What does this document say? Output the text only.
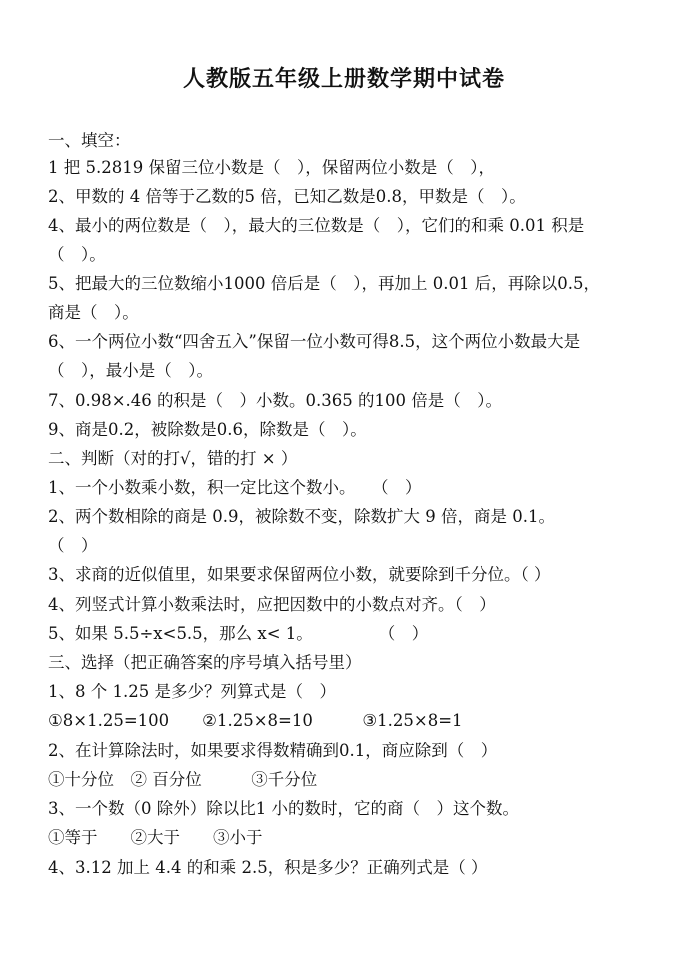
人教版五年级上册数学期中试卷
一、填空：
1 把 5.2819 保留三位小数是（　），保留两位小数是（　），
2、甲数的 4 倍等于乙数的5 倍，已知乙数是0.8，甲数是（　）。
4、最小的两位数是（　），最大的三位数是（　），它们的和乘 0.01 积是
（　）。
5、把最大的三位数缩小1000 倍后是（　），再加上 0.01 后，再除以0.5，
商是（　）。
6、一个两位小数“四舍五入”保留一位小数可得8.5，这个两位小数最大是
（　），最小是（　）。
7、0.98×.46 的积是（　）小数。0.365 的100 倍是（　）。
9、商是0.2，被除数是0.6，除数是（　）。
二、判断（对的打√，错的打 × ）
1、一个小数乘小数，积一定比这个数小。　　（　）
2、两个数相除的商是 0.9，被除数不变，除数扩大 9 倍，商是 0.1。
（　）
3、求商的近似值里，如果要求保留两位小数，就要除到千分位。（ ）
4、列竖式计算小数乘法时，应把因数中的小数点对齐。（　）
5、如果 5.5÷x<5.5，那么 x< 1。　　　　　（　）
三、选择（把正确答案的序号填入括号里）
1、8 个 1.25 是多少？列算式是（　）
①8×1.25=100　　②1.25×8=10　　　③1.25×8=1
2、在计算除法时，如果要求得数精确到0.1，商应除到（　）
①十分位　② 百分位　　　③千分位
3、一个数（0 除外）除以比1 小的数时，它的商（　）这个数。
①等于　　②大于　　③小于
4、3.12 加上 4.4 的和乘 2.5，积是多少？正确列式是（ ）
